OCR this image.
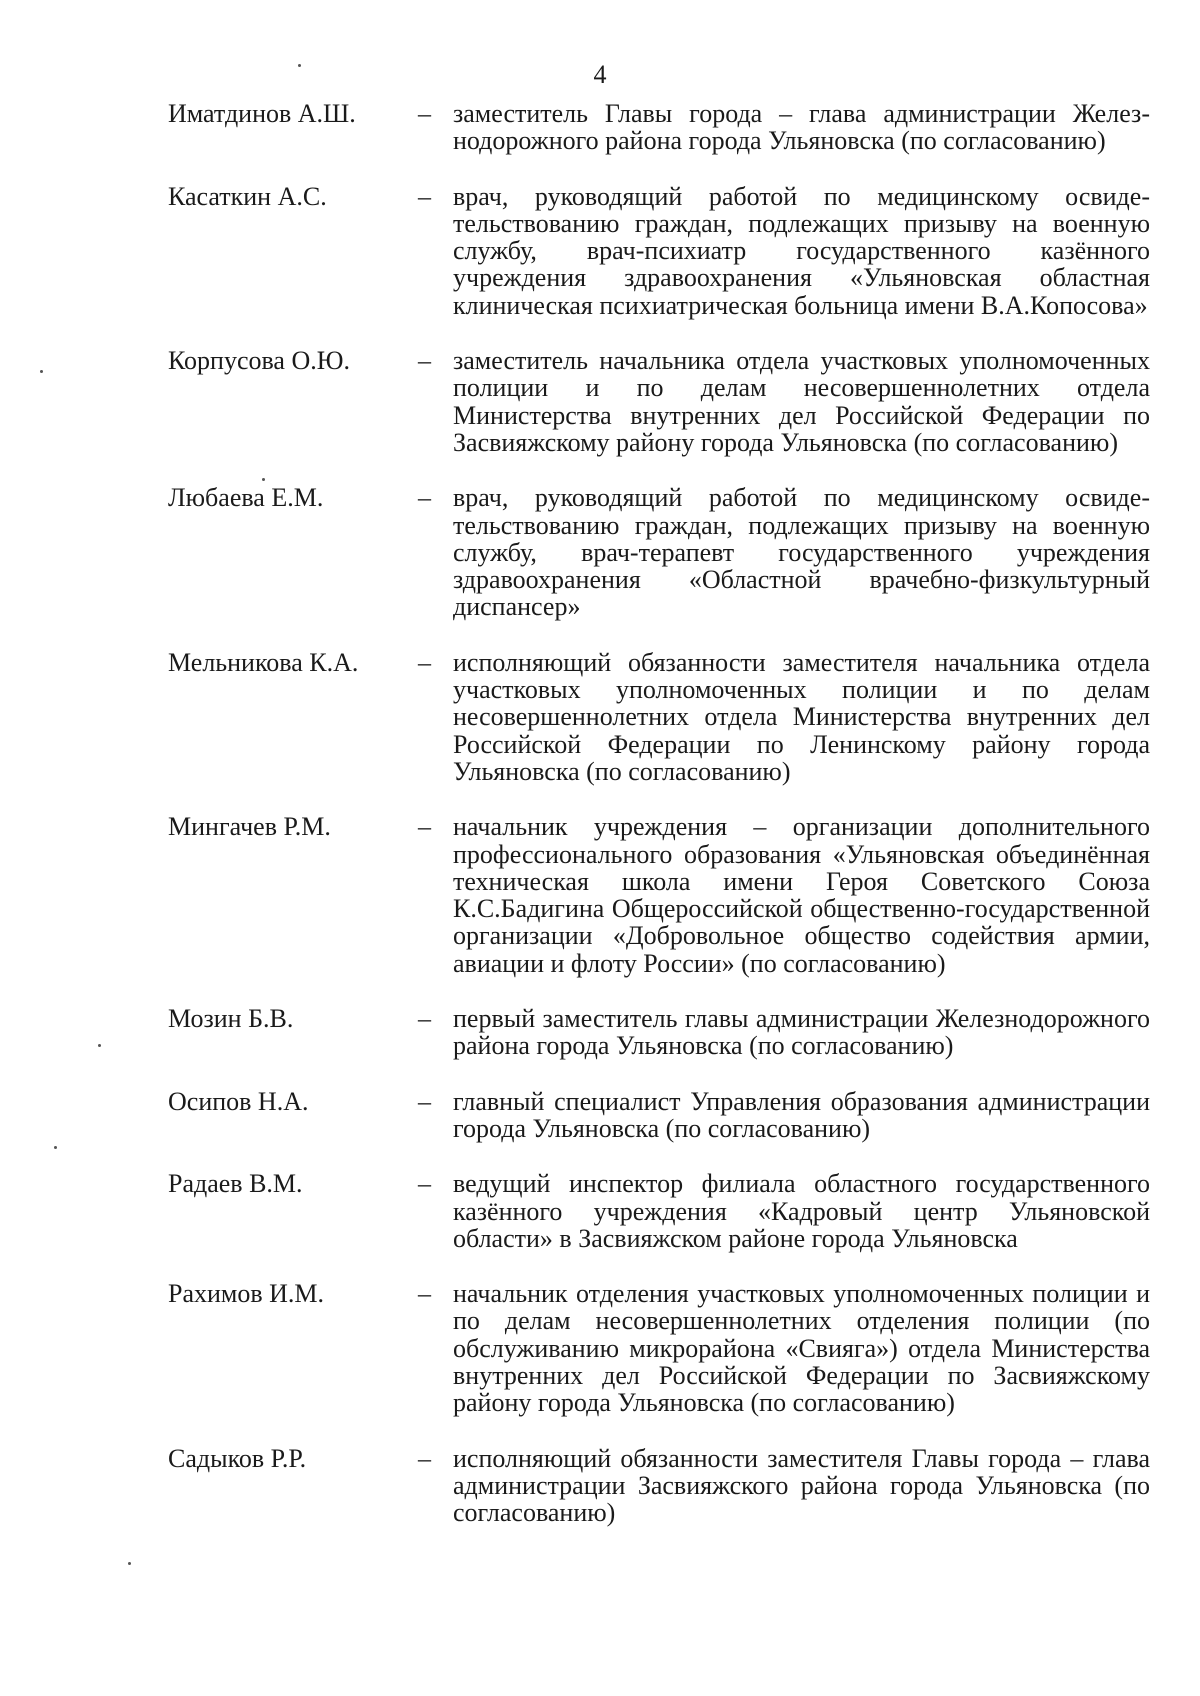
4
Иматдинов А.Ш.	– заместитель Главы города – глава администрации Железнодорожного района города Ульяновска (по согласованию)
Касаткин А.С.	– врач, руководящий работой по медицинскому освидетельствованию граждан, подлежащих призыву на военную службу, врач-психиатр государственного казённого учреждения здравоохранения «Ульяновская областная клиническая психиатрическая больница имени В.А.Копосова»
Корпусова О.Ю.	– заместитель начальника отдела участковых уполномоченных полиции и по делам несовершеннолетних отдела Министерства внутренних дел Российской Федерации по Засвияжскому району города Ульяновска (по согласованию)
Любаева Е.М.	– врач, руководящий работой по медицинскому освидетельствованию граждан, подлежащих призыву на военную службу, врач-терапевт государственного учреждения здравоохранения «Областной врачебно-физкультурный диспансер»
Мельникова К.А.	– исполняющий обязанности заместителя начальника отдела участковых уполномоченных полиции и по делам несовершеннолетних отдела Министерства внутренних дел Российской Федерации по Ленинскому району города Ульяновска (по согласованию)
Мингачев Р.М.	– начальник учреждения – организации дополнительного профессионального образования «Ульяновская объединённая техническая школа имени Героя Советского Союза К.С.Бадигина Общероссийской общественно-государственной организации «Добровольное общество содействия армии, авиации и флоту России» (по согласованию)
Мозин Б.В.	– первый заместитель главы администрации Железнодорожного района города Ульяновска (по согласованию)
Осипов Н.А.	– главный специалист Управления образования администрации города Ульяновска (по согласованию)
Радаев В.М.	– ведущий инспектор филиала областного государственного казённого учреждения «Кадровый центр Ульяновской области» в Засвияжском районе города Ульяновска
Рахимов И.М.	– начальник отделения участковых уполномоченных полиции и по делам несовершеннолетних отделения полиции (по обслуживанию микрорайона «Свияга») отдела Министерства внутренних дел Российской Федерации по Засвияжскому району города Ульяновска (по согласованию)
Садыков Р.Р.	– исполняющий обязанности заместителя Главы города – глава администрации Засвияжского района города Ульяновска (по согласованию)
